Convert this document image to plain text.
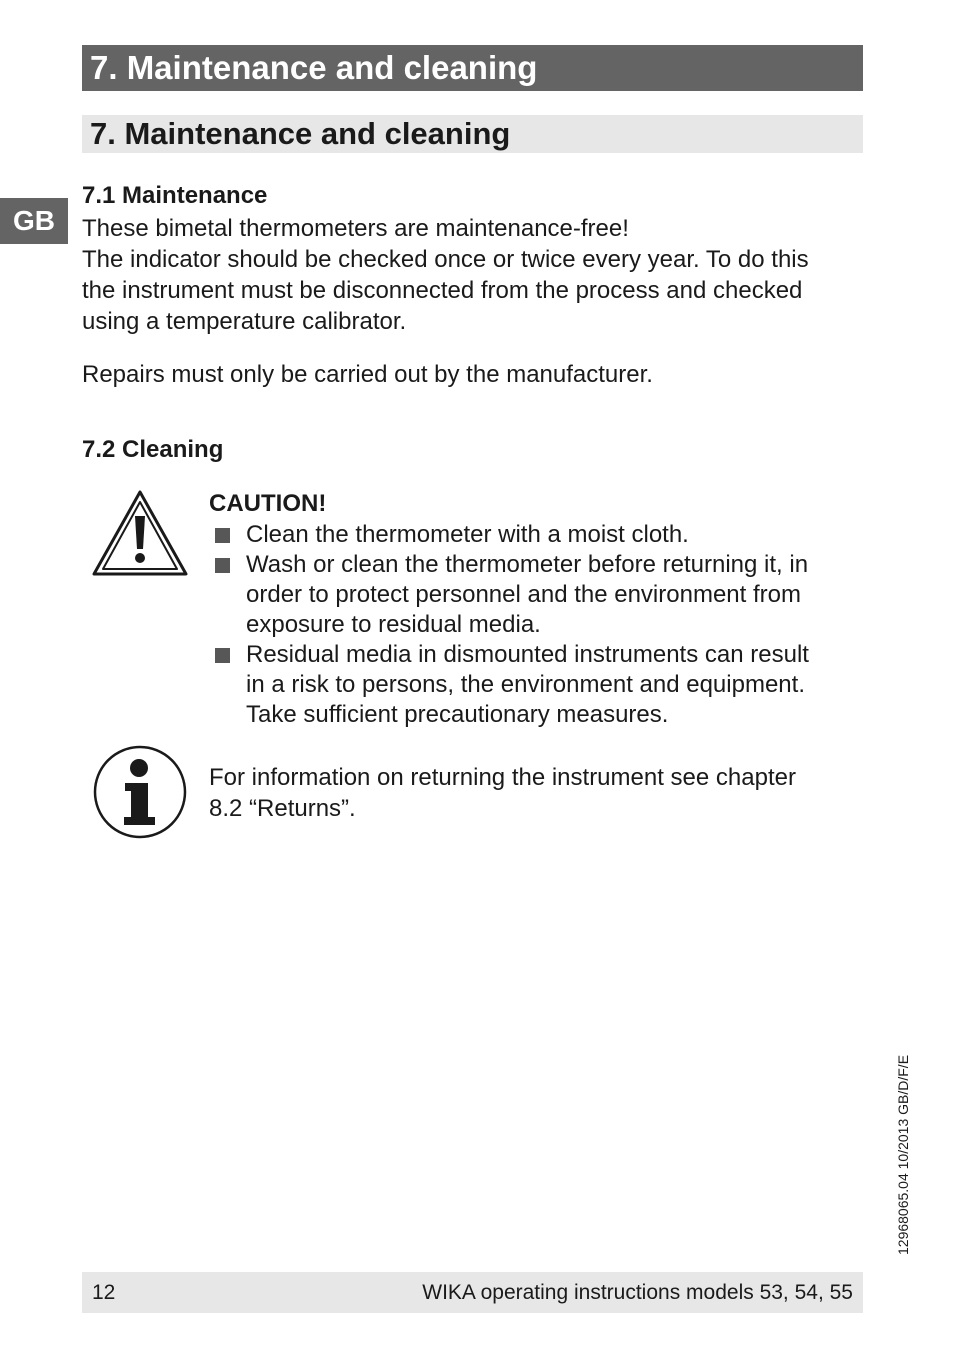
7. Maintenance and cleaning
7. Maintenance and cleaning
GB
7.1 Maintenance

These bimetal thermometers are maintenance-free!
The indicator should be checked once or twice every year. To do this
the instrument must be disconnected from the process and checked
using a temperature calibrator.

Repairs must only be carried out by the manufacturer.

7.2 Cleaning
CAUTION!
Clean the thermometer with a moist cloth.
Wash or clean the thermometer before returning it, in
order to protect personnel and the environment from
exposure to residual media.
Residual media in dismounted instruments can result
in a risk to persons, the environment and equipment.
Take sufficient precautionary measures.

For information on returning the instrument see chapter
8.2 “Returns”.

12968065.04 10/2013 GB/D/F/E
12	WIKA operating instructions models 53, 54, 55
